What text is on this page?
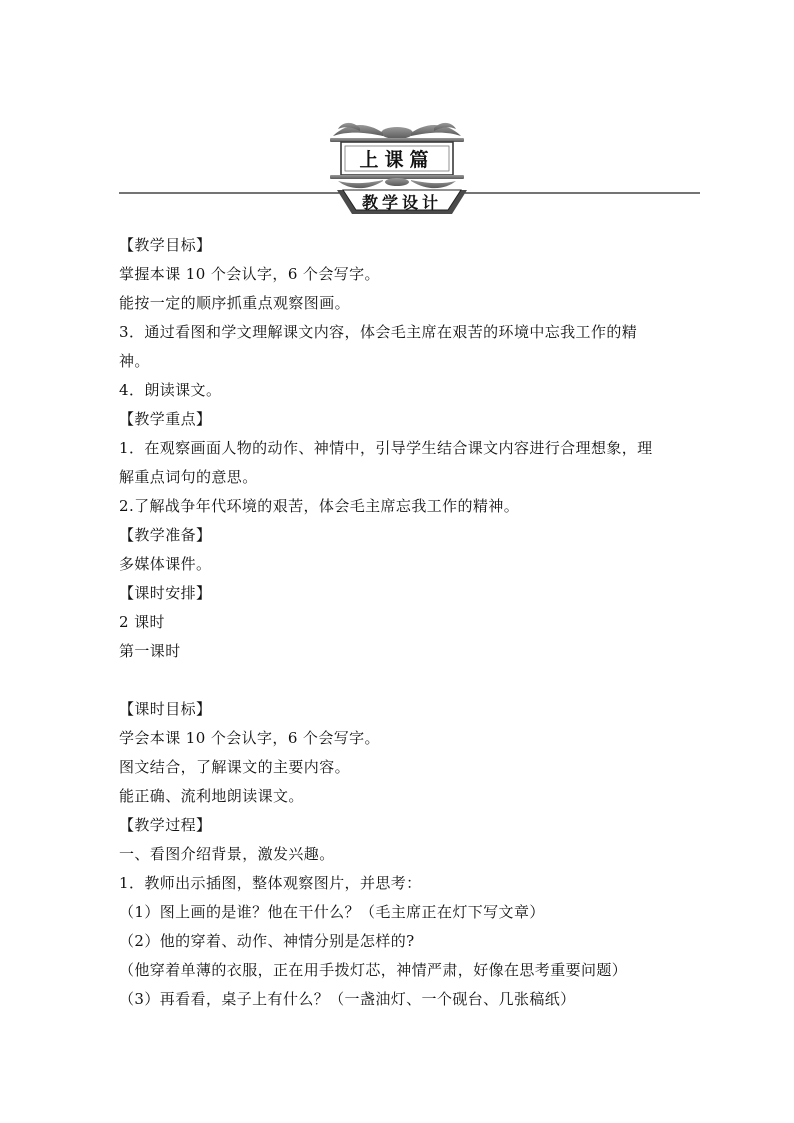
上课篇
教学设计
【教学目标】
掌握本课 10 个会认字，6 个会写字。
能按一定的顺序抓重点观察图画。
3．通过看图和学文理解课文内容，体会毛主席在艰苦的环境中忘我工作的精
神。
4．朗读课文。
【教学重点】
1．在观察画面人物的动作、神情中，引导学生结合课文内容进行合理想象，理
解重点词句的意思。
2.了解战争年代环境的艰苦，体会毛主席忘我工作的精神。
【教学准备】
多媒体课件。
【课时安排】
2 课时
第一课时
【课时目标】
学会本课 10 个会认字，6 个会写字。
图文结合，了解课文的主要内容。
能正确、流利地朗读课文。
【教学过程】
一、看图介绍背景，激发兴趣。
1．教师出示插图，整体观察图片，并思考：
（1）图上画的是谁？他在干什么？（毛主席正在灯下写文章）
（2）他的穿着、动作、神情分别是怎样的?
（他穿着单薄的衣服，正在用手拨灯芯，神情严肃，好像在思考重要问题）
（3）再看看，桌子上有什么？（一盏油灯、一个砚台、几张稿纸）
